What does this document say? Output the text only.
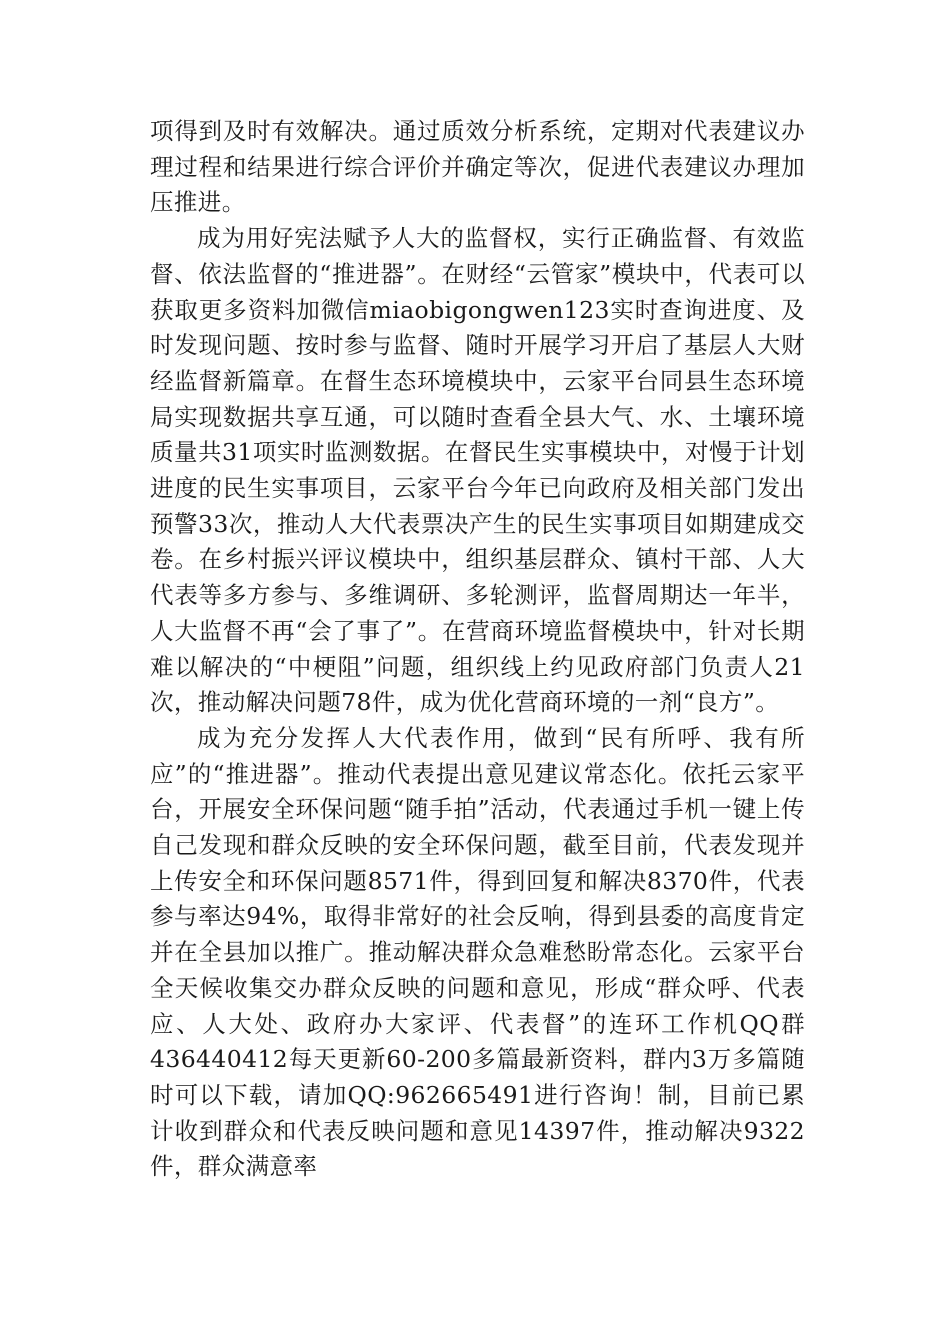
项得到及时有效解决。通过质效分析系统，定期对代表建议办理过程和结果进行综合评价并确定等次，促进代表建议办理加压推进。

成为用好宪法赋予人大的监督权，实行正确监督、有效监督、依法监督的“推进器”。在财经“云管家”模块中，代表可以获取更多资料加微信miaobigongwen123实时查询进度、及时发现问题、按时参与监督、随时开展学习开启了基层人大财经监督新篇章。在督生态环境模块中，云家平台同县生态环境局实现数据共享互通，可以随时查看全县大气、水、土壤环境质量共31项实时监测数据。在督民生实事模块中，对慢于计划进度的民生实事项目，云家平台今年已向政府及相关部门发出预警33次，推动人大代表票决产生的民生实事项目如期建成交卷。在乡村振兴评议模块中，组织基层群众、镇村干部、人大代表等多方参与、多维调研、多轮测评，监督周期达一年半，人大监督不再“会了事了”。在营商环境监督模块中，针对长期难以解决的“中梗阻”问题，组织线上约见政府部门负责人21次，推动解决问题78件，成为优化营商环境的一剂“良方”。

成为充分发挥人大代表作用，做到“民有所呼、我有所应”的“推进器”。推动代表提出意见建议常态化。依托云家平台，开展安全环保问题“随手拍”活动，代表通过手机一键上传自己发现和群众反映的安全环保问题，截至目前，代表发现并上传安全和环保问题8571件，得到回复和解决8370件，代表参与率达94%，取得非常好的社会反响，得到县委的高度肯定并在全县加以推广。推动解决群众急难愁盼常态化。云家平台全天候收集交办群众反映的问题和意见，形成“群众呼、代表应、人大处、政府办大家评、代表督”的连环工作机QQ群436440412每天更新60-200多篇最新资料，群内3万多篇随时可以下载，请加QQ:962665491进行咨询！制，目前已累计收到群众和代表反映问题和意见14397件，推动解决9322件，群众满意率
